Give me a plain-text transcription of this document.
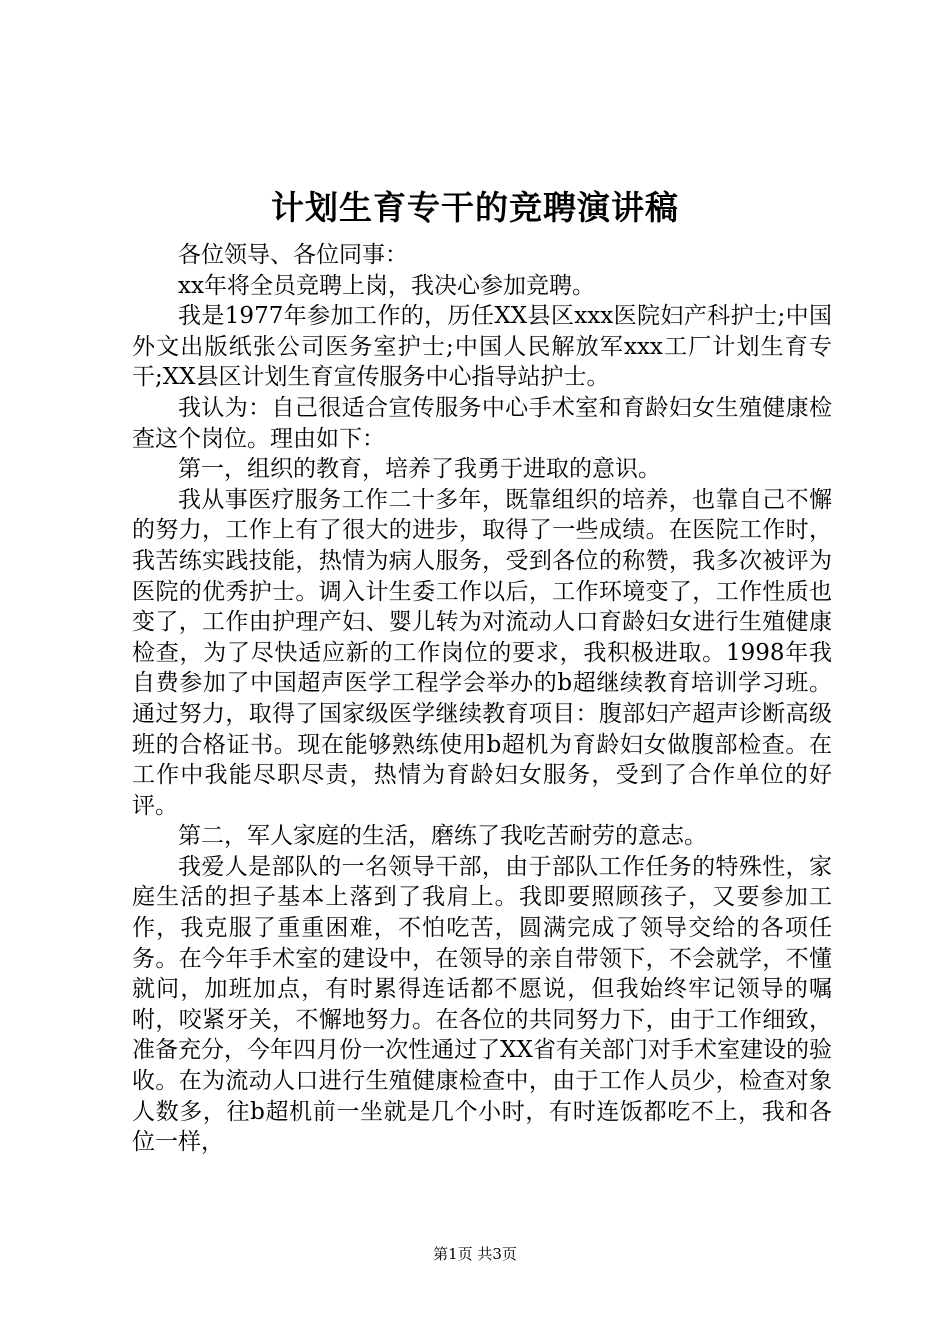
计划生育专干的竞聘演讲稿

各位领导、各位同事：

xx年将全员竞聘上岗，我决心参加竞聘。

我是1977年参加工作的，历任XX县区xxx医院妇产科护士;中国外文出版纸张公司医务室护士;中国人民解放军xxx工厂计划生育专干;XX县区计划生育宣传服务中心指导站护士。

我认为：自己很适合宣传服务中心手术室和育龄妇女生殖健康检查这个岗位。理由如下：

第一，组织的教育，培养了我勇于进取的意识。

我从事医疗服务工作二十多年，既靠组织的培养，也靠自己不懈的努力，工作上有了很大的进步，取得了一些成绩。在医院工作时，我苦练实践技能，热情为病人服务，受到各位的称赞，我多次被评为医院的优秀护士。调入计生委工作以后，工作环境变了，工作性质也变了，工作由护理产妇、婴儿转为对流动人口育龄妇女进行生殖健康检查，为了尽快适应新的工作岗位的要求，我积极进取。1998年我自费参加了中国超声医学工程学会举办的b超继续教育培训学习班。通过努力，取得了国家级医学继续教育项目：腹部妇产超声诊断高级班的合格证书。现在能够熟练使用b超机为育龄妇女做腹部检查。在工作中我能尽职尽责，热情为育龄妇女服务，受到了合作单位的好评。

第二，军人家庭的生活，磨练了我吃苦耐劳的意志。

我爱人是部队的一名领导干部，由于部队工作任务的特殊性，家庭生活的担子基本上落到了我肩上。我即要照顾孩子，又要参加工作，我克服了重重困难，不怕吃苦，圆满完成了领导交给的各项任务。在今年手术室的建设中，在领导的亲自带领下，不会就学，不懂就问，加班加点，有时累得连话都不愿说，但我始终牢记领导的嘱咐，咬紧牙关，不懈地努力。在各位的共同努力下，由于工作细致，准备充分，今年四月份一次性通过了XX省有关部门对手术室建设的验收。在为流动人口进行生殖健康检查中，由于工作人员少，检查对象人数多，往b超机前一坐就是几个小时，有时连饭都吃不上，我和各位一样，

第1页 共3页
